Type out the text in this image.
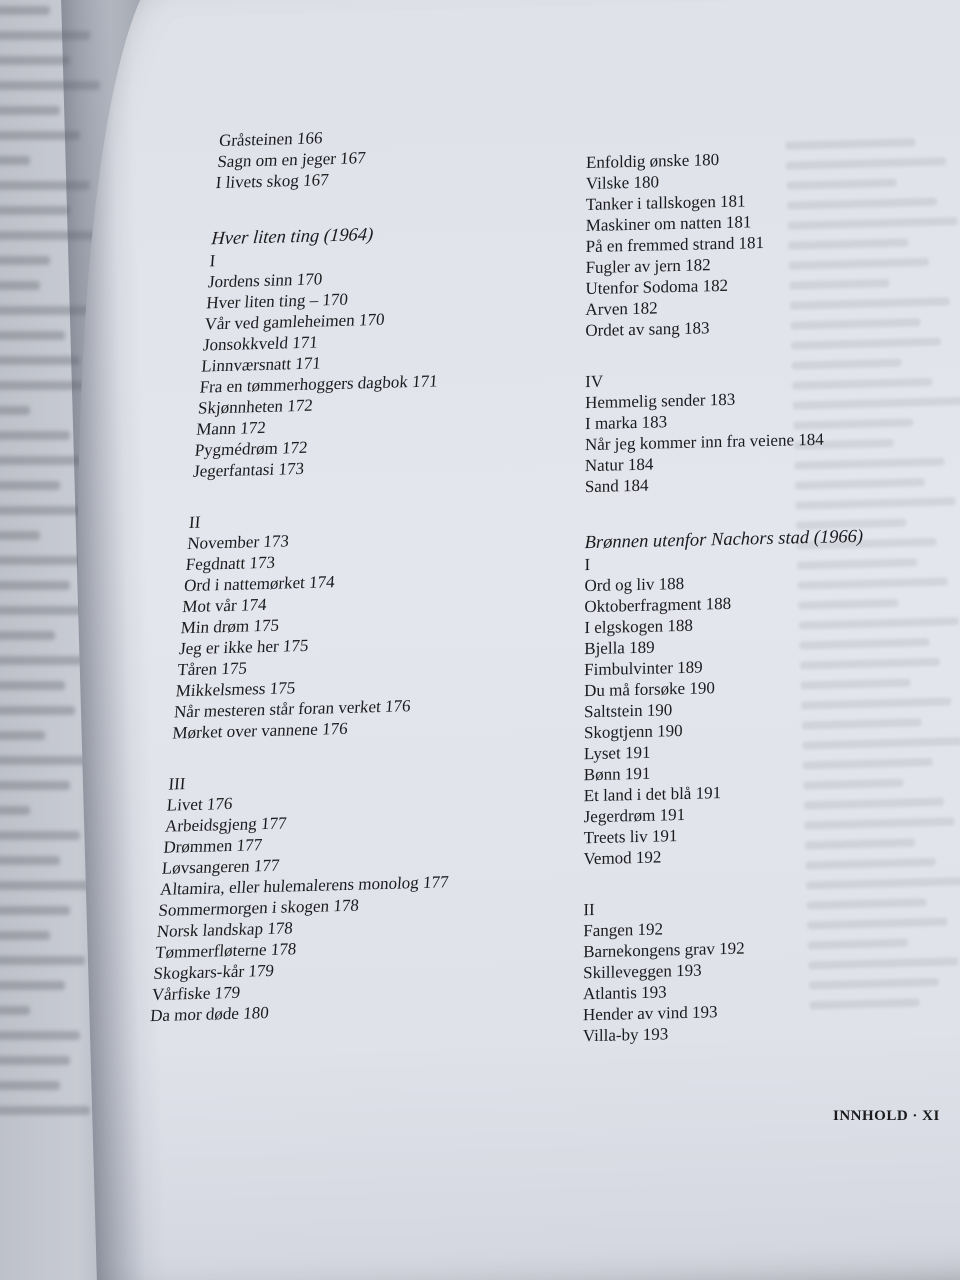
Gråsteinen 166
Sagn om en jeger 167
I livets skog 167
Hver liten ting (1964)
I
Jordens sinn 170
Hver liten ting – 170
Vår ved gamleheimen 170
Jonsokkveld 171
Linnværsnatt 171
Fra en tømmerhoggers dagbok 171
Skjønnheten 172
Mann 172
Pygmédrøm 172
Jegerfantasi 173
II
November 173
Fegdnatt 173
Ord i nattemørket 174
Mot vår 174
Min drøm 175
Jeg er ikke her 175
Tåren 175
Mikkelsmess 175
Når mesteren står foran verket 176
Mørket over vannene 176
III
Livet 176
Arbeidsgjeng 177
Drømmen 177
Løvsangeren 177
Altamira, eller hulemalerens monolog 177
Sommermorgen i skogen 178
Norsk landskap 178
Tømmerfløterne 178
Skogkars-kår 179
Vårfiske 179
Da mor døde 180
Enfoldig ønske 180
Vilske 180
Tanker i tallskogen 181
Maskiner om natten 181
På en fremmed strand 181
Fugler av jern 182
Utenfor Sodoma 182
Arven 182
Ordet av sang 183
IV
Hemmelig sender 183
I marka 183
Når jeg kommer inn fra veiene 184
Natur 184
Sand 184
Brønnen utenfor Nachors stad (1966)
I
Ord og liv 188
Oktoberfragment 188
I elgskogen 188
Bjella 189
Fimbulvinter 189
Du må forsøke 190
Saltstein 190
Skogtjenn 190
Lyset 191
Bønn 191
Et land i det blå 191
Jegerdrøm 191
Treets liv 191
Vemod 192
II
Fangen 192
Barnekongens grav 192
Skilleveggen 193
Atlantis 193
Hender av vind 193
Villa-by 193
INNHOLD · XI
